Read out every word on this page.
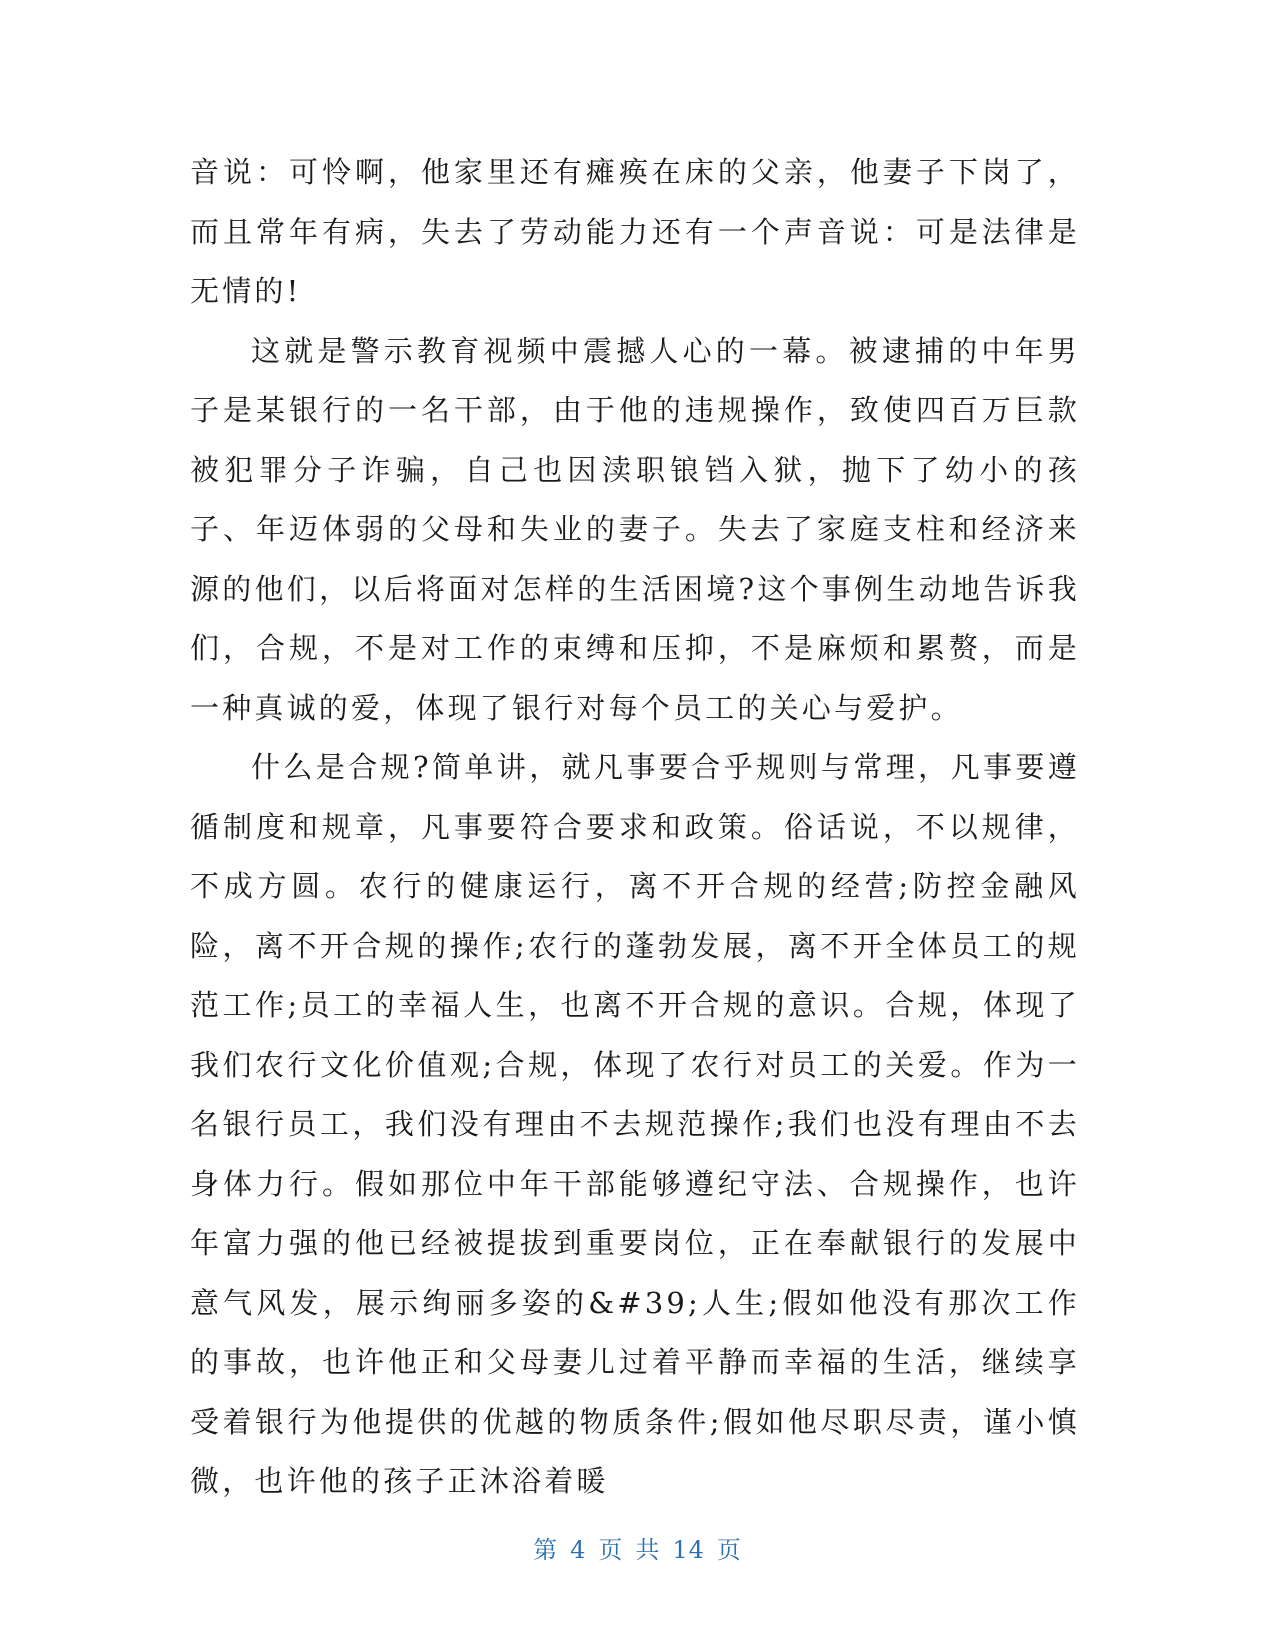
音说：可怜啊，他家里还有瘫痪在床的父亲，他妻子下岗了，而且常年有病，失去了劳动能力还有一个声音说：可是法律是无情的!

这就是警示教育视频中震撼人心的一幕。被逮捕的中年男子是某银行的一名干部，由于他的违规操作，致使四百万巨款被犯罪分子诈骗，自己也因渎职锒铛入狱，抛下了幼小的孩子、年迈体弱的父母和失业的妻子。失去了家庭支柱和经济来源的他们，以后将面对怎样的生活困境?这个事例生动地告诉我们，合规，不是对工作的束缚和压抑，不是麻烦和累赘，而是一种真诚的爱，体现了银行对每个员工的关心与爱护。

什么是合规?简单讲，就凡事要合乎规则与常理，凡事要遵循制度和规章，凡事要符合要求和政策。俗话说，不以规律，不成方圆。农行的健康运行，离不开合规的经营;防控金融风险，离不开合规的操作;农行的蓬勃发展，离不开全体员工的规范工作;员工的幸福人生，也离不开合规的意识。合规，体现了我们农行文化价值观;合规，体现了农行对员工的关爱。作为一名银行员工，我们没有理由不去规范操作;我们也没有理由不去身体力行。假如那位中年干部能够遵纪守法、合规操作，也许年富力强的他已经被提拔到重要岗位，正在奉献银行的发展中意气风发，展示绚丽多姿的&#39;人生;假如他没有那次工作的事故，也许他正和父母妻儿过着平静而幸福的生活，继续享受着银行为他提供的优越的物质条件;假如他尽职尽责，谨小慎微，也许他的孩子正沐浴着暖

第 4 页 共 14 页
